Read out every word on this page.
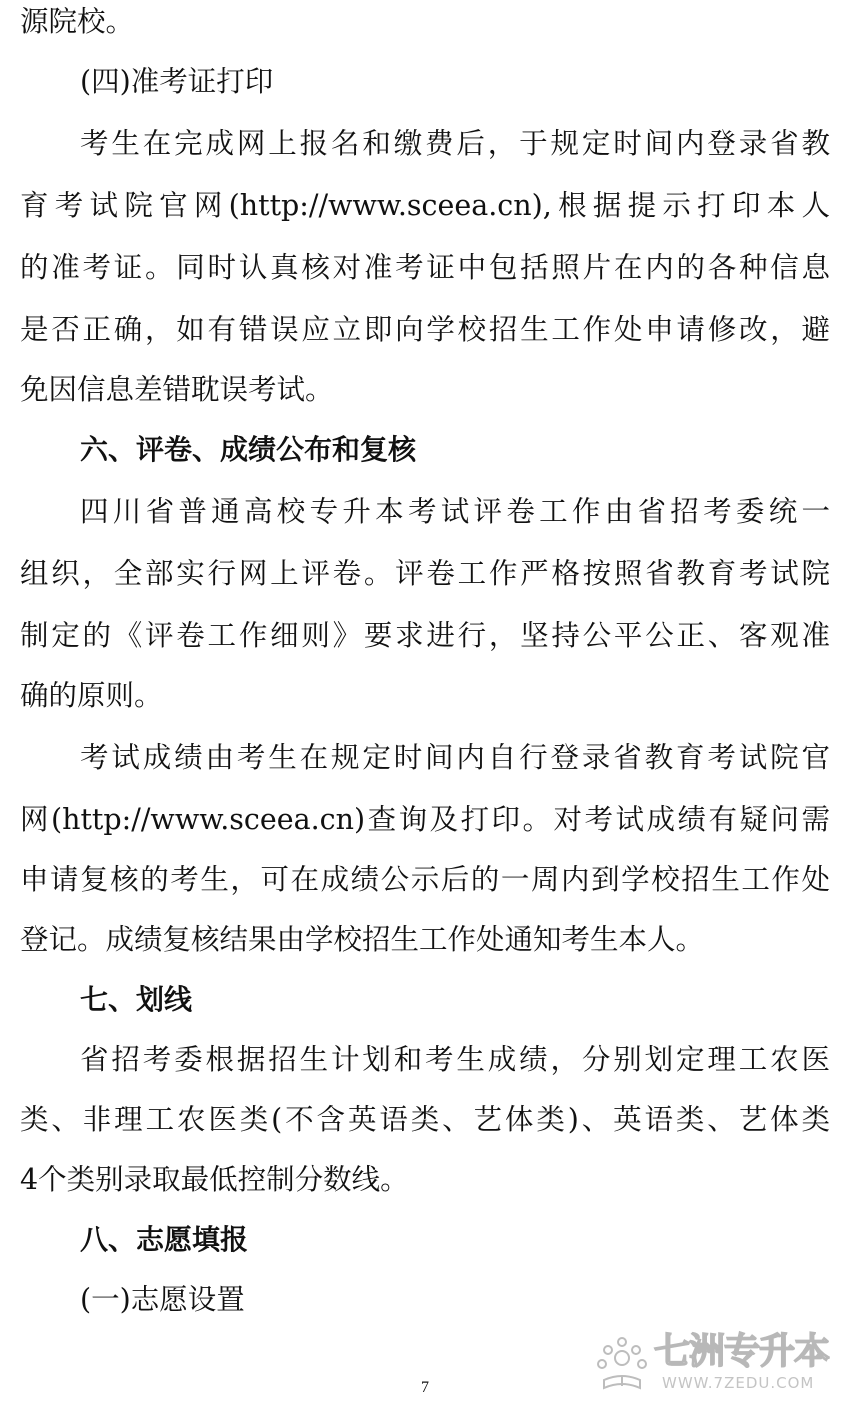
源院校。
(四)准考证打印
考生在完成网上报名和缴费后，于规定时间内登录省教
育考试院官网(http://www.sceea.cn),根据提示打印本人
的准考证。同时认真核对准考证中包括照片在内的各种信息
是否正确，如有错误应立即向学校招生工作处申请修改，避
免因信息差错耽误考试。
六、评卷、成绩公布和复核
四川省普通高校专升本考试评卷工作由省招考委统一
组织，全部实行网上评卷。评卷工作严格按照省教育考试院
制定的《评卷工作细则》要求进行，坚持公平公正、客观准
确的原则。
考试成绩由考生在规定时间内自行登录省教育考试院官
网(http://www.sceea.cn)查询及打印。对考试成绩有疑问需
申请复核的考生，可在成绩公示后的一周内到学校招生工作处
登记。成绩复核结果由学校招生工作处通知考生本人。
七、划线
省招考委根据招生计划和考生成绩，分别划定理工农医
类、非理工农医类(不含英语类、艺体类)、英语类、艺体类
4个类别录取最低控制分数线。
八、志愿填报
(一)志愿设置
七洲专升本
WWW.7ZEDU.COM
7
